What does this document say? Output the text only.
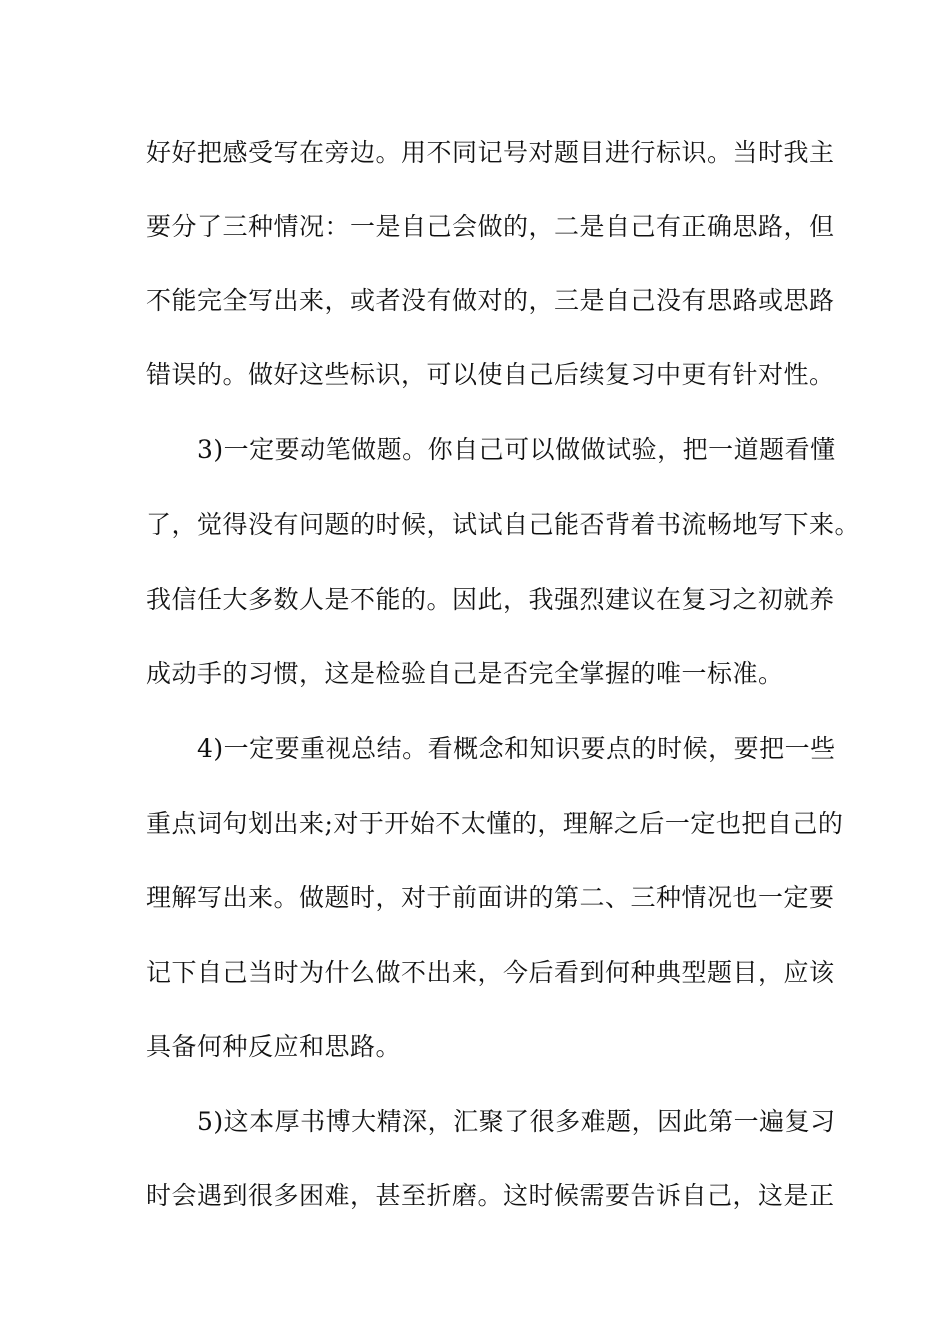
好好把感受写在旁边。用不同记号对题目进行标识。当时我主
要分了三种情况：一是自己会做的，二是自己有正确思路，但
不能完全写出来，或者没有做对的，三是自己没有思路或思路
错误的。做好这些标识，可以使自己后续复习中更有针对性。
　　3)一定要动笔做题。你自己可以做做试验，把一道题看懂
了，觉得没有问题的时候，试试自己能否背着书流畅地写下来。
我信任大多数人是不能的。因此，我强烈建议在复习之初就养
成动手的习惯，这是检验自己是否完全掌握的唯一标准。
　　4)一定要重视总结。看概念和知识要点的时候，要把一些
重点词句划出来;对于开始不太懂的，理解之后一定也把自己的
理解写出来。做题时，对于前面讲的第二、三种情况也一定要
记下自己当时为什么做不出来，今后看到何种典型题目，应该
具备何种反应和思路。
　　5)这本厚书博大精深，汇聚了很多难题，因此第一遍复习
时会遇到很多困难，甚至折磨。这时候需要告诉自己，这是正
